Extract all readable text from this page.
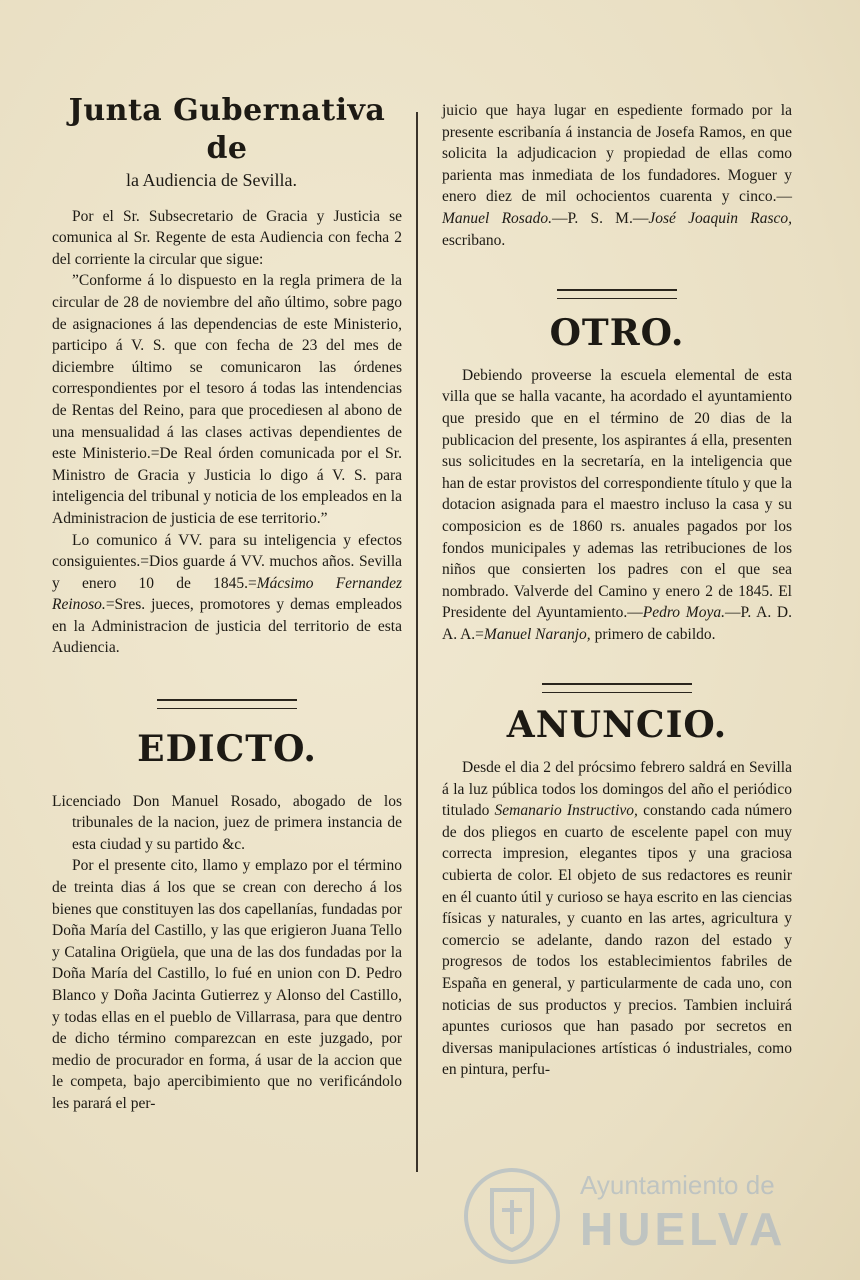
Junta Gubernativa de
la Audiencia de Sevilla.

Por el Sr. Subsecretario de Gracia y Justicia se comunica al Sr. Regente de esta Audiencia con fecha 2 del corriente la circular que sigue:

”Conforme á lo dispuesto en la regla primera de la circular de 28 de noviembre del año último, sobre pago de asignaciones á las dependencias de este Ministerio, participo á V. S. que con fecha de 23 del mes de diciembre último se comunicaron las órdenes correspondientes por el tesoro á todas las intendencias de Rentas del Reino, para que procediesen al abono de una mensualidad á las clases activas dependientes de este Ministerio.=De Real órden comunicada por el Sr. Ministro de Gracia y Justicia lo digo á V. S. para inteligencia del tribunal y noticia de los empleados en la Administracion de justicia de ese territorio.”

Lo comunico á VV. para su inteligencia y efectos consiguientes.=Dios guarde á VV. muchos años. Sevilla y enero 10 de 1845.=Mácsimo Fernandez Reinoso.=Sres. jueces, promotores y demas empleados en la Administracion de justicia del territorio de esta Audiencia.

EDICTO.

Licenciado Don Manuel Rosado, abogado de los tribunales de la nacion, juez de primera instancia de esta ciudad y su partido &c.

Por el presente cito, llamo y emplazo por el término de treinta dias á los que se crean con derecho á los bienes que constituyen las dos capellanías, fundadas por Doña María del Castillo, y las que erigieron Juana Tello y Catalina Origüela, que una de las dos fundadas por la Doña María del Castillo, lo fué en union con D. Pedro Blanco y Doña Jacinta Gutierrez y Alonso del Castillo, y todas ellas en el pueblo de Villarrasa, para que dentro de dicho término comparezcan en este juzgado, por medio de procurador en forma, á usar de la accion que le competa, bajo apercibimiento que no verificándolo les parará el per-

juicio que haya lugar en espediente formado por la presente escribanía á instancia de Josefa Ramos, en que solicita la adjudicacion y propiedad de ellas como parienta mas inmediata de los fundadores. Moguer y enero diez de mil ochocientos cuarenta y cinco.—Manuel Rosado.—P. S. M.—José Joaquin Rasco, escribano.

OTRO.

Debiendo proveerse la escuela elemental de esta villa que se halla vacante, ha acordado el ayuntamiento que presido que en el término de 20 dias de la publicacion del presente, los aspirantes á ella, presenten sus solicitudes en la secretaría, en la inteligencia que han de estar provistos del correspondiente título y que la dotacion asignada para el maestro incluso la casa y su composicion es de 1860 rs. anuales pagados por los fondos municipales y ademas las retribuciones de los niños que consierten los padres con el que sea nombrado. Valverde del Camino y enero 2 de 1845. El Presidente del Ayuntamiento.—Pedro Moya.—P. A. D. A. A.=Manuel Naranjo, primero de cabildo.

ANUNCIO.

Desde el dia 2 del prócsimo febrero saldrá en Sevilla á la luz pública todos los domingos del año el periódico titulado Semanario Instructivo, constando cada número de dos pliegos en cuarto de escelente papel con muy correcta impresion, elegantes tipos y una graciosa cubierta de color. El objeto de sus redactores es reunir en él cuanto útil y curioso se haya escrito en las ciencias físicas y naturales, y cuanto en las artes, agricultura y comercio se adelante, dando razon del estado y progresos de todos los establecimientos fabriles de España en general, y particularmente de cada uno, con noticias de sus productos y precios. Tambien incluirá apuntes curiosos que han pasado por secretos en diversas manipulaciones artísticas ó industriales, como en pintura, perfu-

Ayuntamiento de
HUELVA
